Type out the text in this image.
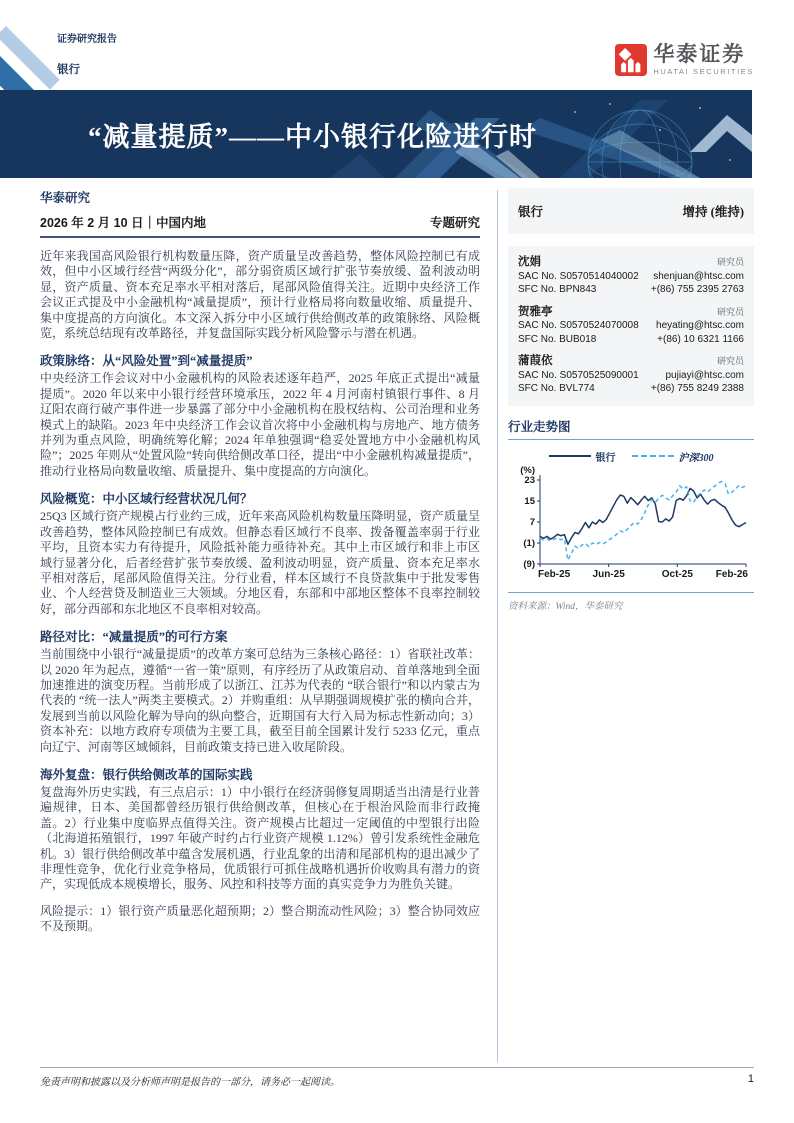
证券研究报告
银行
华泰证券
HUATAI SECURITIES
“减量提质”——中小银行化险进行时
华泰研究
2026 年 2 月 10 日｜中国内地	专题研究

近年来我国高风险银行机构数量压降，资产质量呈改善趋势，整体风险控制已有成效，但中小区域行经营“两级分化”，部分弱资质区域行扩张节奏放缓、盈利波动明显，资产质量、资本充足率水平相对落后，尾部风险值得关注。近期中央经济工作会议正式提及中小金融机构“减量提质”，预计行业格局将向数量收缩、质量提升、集中度提高的方向演化。本文深入拆分中小区域行供给侧改革的政策脉络、风险概览，系统总结现有改革路径，并复盘国际实践分析风险警示与潜在机遇。

政策脉络：从“风险处置”到“减量提质”

中央经济工作会议对中小金融机构的风险表述逐年趋严，2025 年底正式提出“减量提质”。2020 年以来中小银行经营环境承压，2022 年 4 月河南村镇银行事件、8 月辽阳农商行破产事件进一步暴露了部分中小金融机构在股权结构、公司治理和业务模式上的缺陷。2023 年中央经济工作会议首次将中小金融机构与房地产、地方债务并列为重点风险，明确统筹化解；2024 年单独强调“稳妥处置地方中小金融机构风险”；2025 年则从“处置风险”转向供给侧改革口径，提出“中小金融机构减量提质”，推动行业格局向数量收缩、质量提升、集中度提高的方向演化。

风险概览：中小区域行经营状况几何？

25Q3 区域行资产规模占行业约三成，近年来高风险机构数量压降明显，资产质量呈改善趋势，整体风险控制已有成效。但静态看区域行不良率、拨备覆盖率弱于行业平均，且资本实力有待提升，风险抵补能力亟待补充。其中上市区域行和非上市区域行显著分化，后者经营扩张节奏放缓、盈利波动明显，资产质量、资本充足率水平相对落后，尾部风险值得关注。分行业看，样本区域行不良贷款集中于批发零售业、个人经营贷及制造业三大领域。分地区看，东部和中部地区整体不良率控制较好，部分西部和东北地区不良率相对较高。

路径对比：“减量提质”的可行方案

当前围绕中小银行“减量提质”的改革方案可总结为三条核心路径：1）省联社改革：以 2020 年为起点，遵循“一省一策”原则，有序经历了从政策启动、首单落地到全面加速推进的演变历程。当前形成了以浙江、江苏为代表的 “联合银行”和以内蒙古为代表的 “统一法人”两类主要模式。2）并购重组：从早期强调规模扩张的横向合并，发展到当前以风险化解为导向的纵向整合，近期国有大行入局为标志性新动向；3）资本补充：以地方政府专项债为主要工具，截至目前全国累计发行 5233 亿元，重点向辽宁、河南等区域倾斜，目前政策支持已进入收尾阶段。

海外复盘：银行供给侧改革的国际实践

复盘海外历史实践，有三点启示：1）中小银行在经济弱修复周期适当出清是行业普遍规律，日本、美国都曾经历银行供给侧改革，但核心在于根治风险而非行政掩盖。2）行业集中度临界点值得关注。资产规模占比超过一定阈值的中型银行出险（北海道拓殖银行，1997 年破产时约占行业资产规模 1.12%）曾引发系统性金融危机。3）银行供给侧改革中蕴含发展机遇，行业乱象的出清和尾部机构的退出减少了非理性竞争，优化行业竞争格局，优质银行可抓住战略机遇折价收购具有潜力的资产，实现低成本规模增长，服务、风控和科技等方面的真实竞争力为胜负关键。

风险提示：1）银行资产质量恶化超预期；2）整合期流动性风险；3）整合协同效应不及预期。

银行	增持 (维持)
沈娟	研究员
SAC No. S0570514040002 shenjuan@htsc.com
SFC No. BPN843	+(86) 755 2395 2763
贺雅亭	研究员
SAC No. S0570524070008 heyating@htsc.com
SFC No. BUB018	+(86) 10 6321 1166
蒲葭依	研究员
SAC No. S0570525090001	pujiayi@htsc.com
SFC No. BVL774	+(86) 755 8249 2388
行业走势图
银行	沪深300
(%)
23
15
7
(1)
(9)
Feb-25 Jun-25	Oct-25 Feb-26
资料来源：Wind，华泰研究
免责声明和披露以及分析师声明是报告的一部分，请务必一起阅读。	1
